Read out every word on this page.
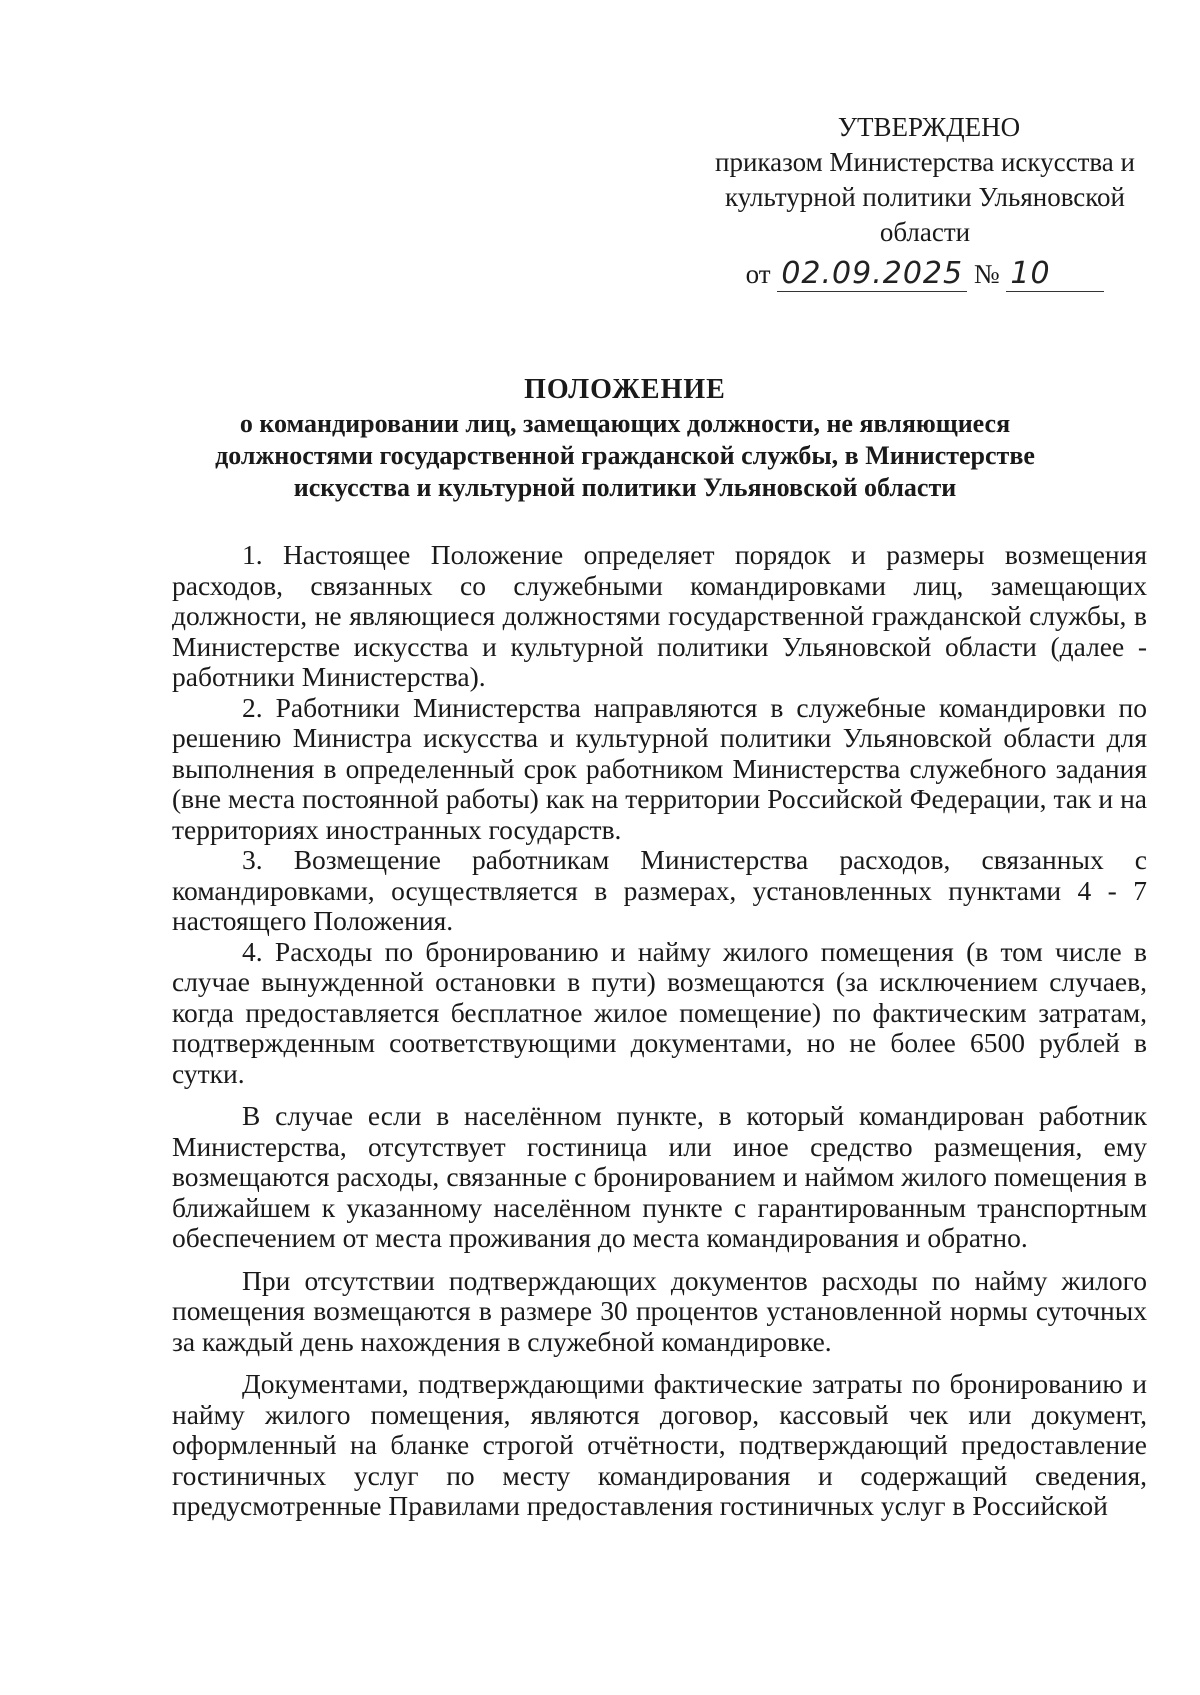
УТВЕРЖДЕНО
приказом Министерства искусства и
культурной политики Ульяновской
области
от 02.09.2025 № 10
ПОЛОЖЕНИЕ
о командировании лиц, замещающих должности, не являющиеся должностями государственной гражданской службы, в Министерстве искусства и культурной политики Ульяновской области

1. Настоящее Положение определяет порядок и размеры возмещения расходов, связанных со служебными командировками лиц, замещающих должности, не являющиеся должностями государственной гражданской службы, в Министерстве искусства и культурной политики Ульяновской области (далее - работники Министерства).

2. Работники Министерства направляются в служебные командировки по решению Министра искусства и культурной политики Ульяновской области для выполнения в определенный срок работником Министерства служебного задания (вне места постоянной работы) как на территории Российской Федерации, так и на территориях иностранных государств.

3. Возмещение работникам Министерства расходов, связанных с командировками, осуществляется в размерах, установленных пунктами 4 - 7 настоящего Положения.

4. Расходы по бронированию и найму жилого помещения (в том числе в случае вынужденной остановки в пути) возмещаются (за исключением случаев, когда предоставляется бесплатное жилое помещение) по фактическим затратам, подтвержденным соответствующими документами, но не более 6500 рублей в сутки.

В случае если в населённом пункте, в который командирован работник Министерства, отсутствует гостиница или иное средство размещения, ему возмещаются расходы, связанные с бронированием и наймом жилого помещения в ближайшем к указанному населённом пункте с гарантированным транспортным обеспечением от места проживания до места командирования и обратно.

При отсутствии подтверждающих документов расходы по найму жилого помещения возмещаются в размере 30 процентов установленной нормы суточных за каждый день нахождения в служебной командировке.

Документами, подтверждающими фактические затраты по бронированию и найму жилого помещения, являются договор, кассовый чек или документ, оформленный на бланке строгой отчётности, подтверждающий предоставление гостиничных услуг по месту командирования и содержащий сведения, предусмотренные Правилами предоставления гостиничных услуг в Российской
